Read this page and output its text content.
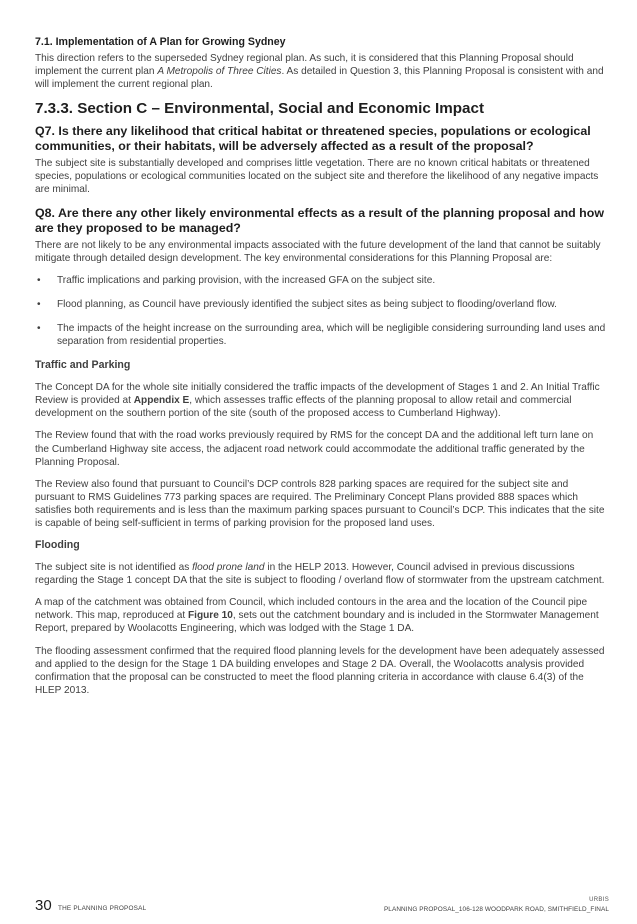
7.1. Implementation of A Plan for Growing Sydney

This direction refers to the superseded Sydney regional plan. As such, it is considered that this Planning Proposal should implement the current plan A Metropolis of Three Cities. As detailed in Question 3, this Planning Proposal is consistent with and will implement the current regional plan.

7.3.3. Section C – Environmental, Social and Economic Impact
Q7. Is there any likelihood that critical habitat or threatened species, populations or ecological communities, or their habitats, will be adversely affected as a result of the proposal?

The subject site is substantially developed and comprises little vegetation. There are no known critical habitats or threatened species, populations or ecological communities located on the subject site and therefore the likelihood of any negative impacts are minimal.

Q8. Are there any other likely environmental effects as a result of the planning proposal and how are they proposed to be managed?

There are not likely to be any environmental impacts associated with the future development of the land that cannot be suitably mitigate through detailed design development. The key environmental considerations for this Planning Proposal are:

• Traffic implications and parking provision, with the increased GFA on the subject site.
• Flood planning, as Council have previously identified the subject sites as being subject to flooding/overland flow.
• The impacts of the height increase on the surrounding area, which will be negligible considering surrounding land uses and separation from residential properties.
Traffic and Parking

The Concept DA for the whole site initially considered the traffic impacts of the development of Stages 1 and 2. An Initial Traffic Review is provided at Appendix E, which assesses traffic effects of the planning proposal to allow retail and commercial development on the southern portion of the site (south of the proposed access to Cumberland Highway).

The Review found that with the road works previously required by RMS for the concept DA and the additional left turn lane on the Cumberland Highway site access, the adjacent road network could accommodate the additional traffic generated by the Planning Proposal.

The Review also found that pursuant to Council’s DCP controls 828 parking spaces are required for the subject site and pursuant to RMS Guidelines 773 parking spaces are required. The Preliminary Concept Plans provided 888 spaces which satisfies both requirements and is less than the maximum parking spaces pursuant to Council’s DCP. This indicates that the site is capable of being self-sufficient in terms of parking provision for the proposed land uses.

Flooding

The subject site is not identified as flood prone land in the HELP 2013. However, Council advised in previous discussions regarding the Stage 1 concept DA that the site is subject to flooding / overland flow of stormwater from the upstream catchment.

A map of the catchment was obtained from Council, which included contours in the area and the location of the Council pipe network. This map, reproduced at Figure 10, sets out the catchment boundary and is included in the Stormwater Management Report, prepared by Woolacotts Engineering, which was lodged with the Stage 1 DA.

The flooding assessment confirmed that the required flood planning levels for the development have been adequately assessed and applied to the design for the Stage 1 DA building envelopes and Stage 2 DA. Overall, the Woolacotts analysis provided confirmation that the proposal can be constructed to meet the flood planning criteria in accordance with clause 6.4(3) of the HLEP 2013.

30 THE PLANNING PROPOSAL
URBIS
PLANNING PROPOSAL_106-128 WOODPARK ROAD, SMITHFIELD_FINAL
